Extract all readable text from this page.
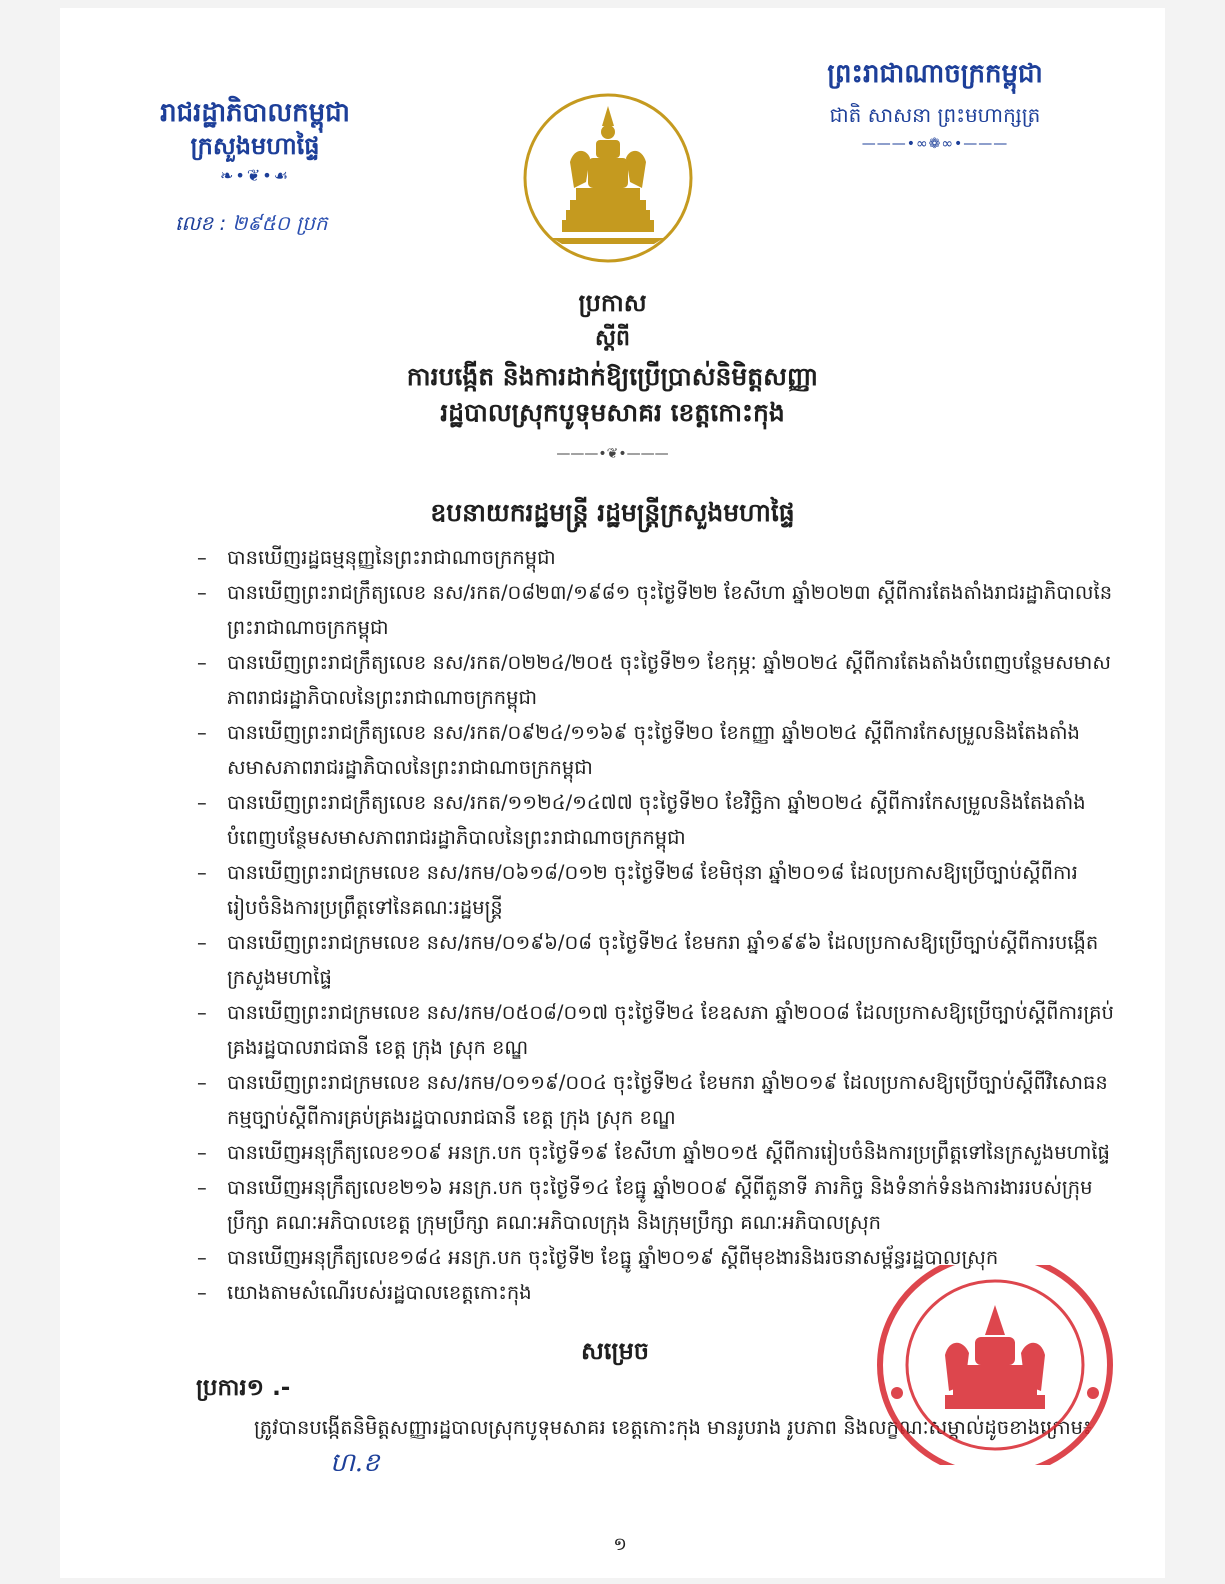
រាជរដ្ឋាភិបាលកម្ពុជា
ក្រសួងមហាផ្ទៃ
❧•❦•☙
លេខ : ២៩៥០ ប្រក
ព្រះរាជាណាចក្រកម្ពុជា
ជាតិ សាសនា ព្រះមហាក្សត្រ
———•∞❁∞•———
ប្រកាស
ស្ដីពី
ការបង្កើត និងការដាក់ឱ្យប្រើប្រាស់និមិត្តសញ្ញា
រដ្ឋបាលស្រុកបូទុមសាគរ ខេត្តកោះកុង
———•❦•———
ឧបនាយករដ្ឋមន្ត្រី រដ្ឋមន្ត្រីក្រសួងមហាផ្ទៃ
– បានឃើញរដ្ឋធម្មនុញ្ញនៃព្រះរាជាណាចក្រកម្ពុជា
– បានឃើញព្រះរាជក្រឹត្យលេខ នស/រកត/០៨២៣/១៩៨១ ចុះថ្ងៃទី២២ ខែសីហា ឆ្នាំ២០២៣ ស្ដីពីការតែងតាំងរាជរដ្ឋាភិបាលនៃព្រះរាជាណាចក្រកម្ពុជា
– បានឃើញព្រះរាជក្រឹត្យលេខ នស/រកត/០២២៤/២០៥ ចុះថ្ងៃទី២១ ខែកុម្ភៈ ឆ្នាំ២០២៤ ស្ដីពីការតែងតាំងបំពេញបន្ថែមសមាសភាពរាជរដ្ឋាភិបាលនៃព្រះរាជាណាចក្រកម្ពុជា
– បានឃើញព្រះរាជក្រឹត្យលេខ នស/រកត/០៩២៤/១១៦៩ ចុះថ្ងៃទី២០ ខែកញ្ញា ឆ្នាំ២០២៤ ស្ដីពីការកែសម្រួលនិងតែងតាំងសមាសភាពរាជរដ្ឋាភិបាលនៃព្រះរាជាណាចក្រកម្ពុជា
– បានឃើញព្រះរាជក្រឹត្យលេខ នស/រកត/១១២៤/១៤៧៧ ចុះថ្ងៃទី២០ ខែវិច្ឆិកា ឆ្នាំ២០២៤ ស្ដីពីការកែសម្រួលនិងតែងតាំងបំពេញបន្ថែមសមាសភាពរាជរដ្ឋាភិបាលនៃព្រះរាជាណាចក្រកម្ពុជា
– បានឃើញព្រះរាជក្រមលេខ នស/រកម/០៦១៨/០១២ ចុះថ្ងៃទី២៨ ខែមិថុនា ឆ្នាំ២០១៨ ដែលប្រកាសឱ្យប្រើច្បាប់ស្ដីពីការរៀបចំនិងការប្រព្រឹត្តទៅនៃគណៈរដ្ឋមន្ត្រី
– បានឃើញព្រះរាជក្រមលេខ នស/រកម/០១៩៦/០៨ ចុះថ្ងៃទី២៤ ខែមករា ឆ្នាំ១៩៩៦ ដែលប្រកាសឱ្យប្រើច្បាប់ស្ដីពីការបង្កើតក្រសួងមហាផ្ទៃ
– បានឃើញព្រះរាជក្រមលេខ នស/រកម/០៥០៨/០១៧ ចុះថ្ងៃទី២៤ ខែឧសភា ឆ្នាំ២០០៨ ដែលប្រកាសឱ្យប្រើច្បាប់ស្ដីពីការគ្រប់គ្រងរដ្ឋបាលរាជធានី ខេត្ត ក្រុង ស្រុក ខណ្ឌ
– បានឃើញព្រះរាជក្រមលេខ នស/រកម/០១១៩/០០៤ ចុះថ្ងៃទី២៤ ខែមករា ឆ្នាំ២០១៩ ដែលប្រកាសឱ្យប្រើច្បាប់ស្ដីពីវិសោធនកម្មច្បាប់ស្ដីពីការគ្រប់គ្រងរដ្ឋបាលរាជធានី ខេត្ត ក្រុង ស្រុក ខណ្ឌ
– បានឃើញអនុក្រឹត្យលេខ១០៩ អនក្រ.បក ចុះថ្ងៃទី១៩ ខែសីហា ឆ្នាំ២០១៥ ស្ដីពីការរៀបចំនិងការប្រព្រឹត្តទៅនៃក្រសួងមហាផ្ទៃ
– បានឃើញអនុក្រឹត្យលេខ២១៦ អនក្រ.បក ចុះថ្ងៃទី១៤ ខែធ្នូ ឆ្នាំ២០០៩ ស្ដីពីតួនាទី ភារកិច្ច និងទំនាក់ទំនងការងាររបស់ក្រុមប្រឹក្សា គណៈអភិបាលខេត្ត ក្រុមប្រឹក្សា គណៈអភិបាលក្រុង និងក្រុមប្រឹក្សា គណៈអភិបាលស្រុក
– បានឃើញអនុក្រឹត្យលេខ១៨៤ អនក្រ.បក ចុះថ្ងៃទី២ ខែធ្នូ ឆ្នាំ២០១៩ ស្ដីពីមុខងារនិងរចនាសម្ព័ន្ធរដ្ឋបាលស្រុក
– យោងតាមសំណើរបស់រដ្ឋបាលខេត្តកោះកុង
សម្រេច
ប្រការ១ .-
ត្រូវបានបង្កើតនិមិត្តសញ្ញារដ្ឋបាលស្រុកបូទុមសាគរ ខេត្តកោះកុង មានរូបរាង រូបភាព និងលក្ខណៈសម្គាល់ដូចខាងក្រោម៖
ហ.ខ
១
